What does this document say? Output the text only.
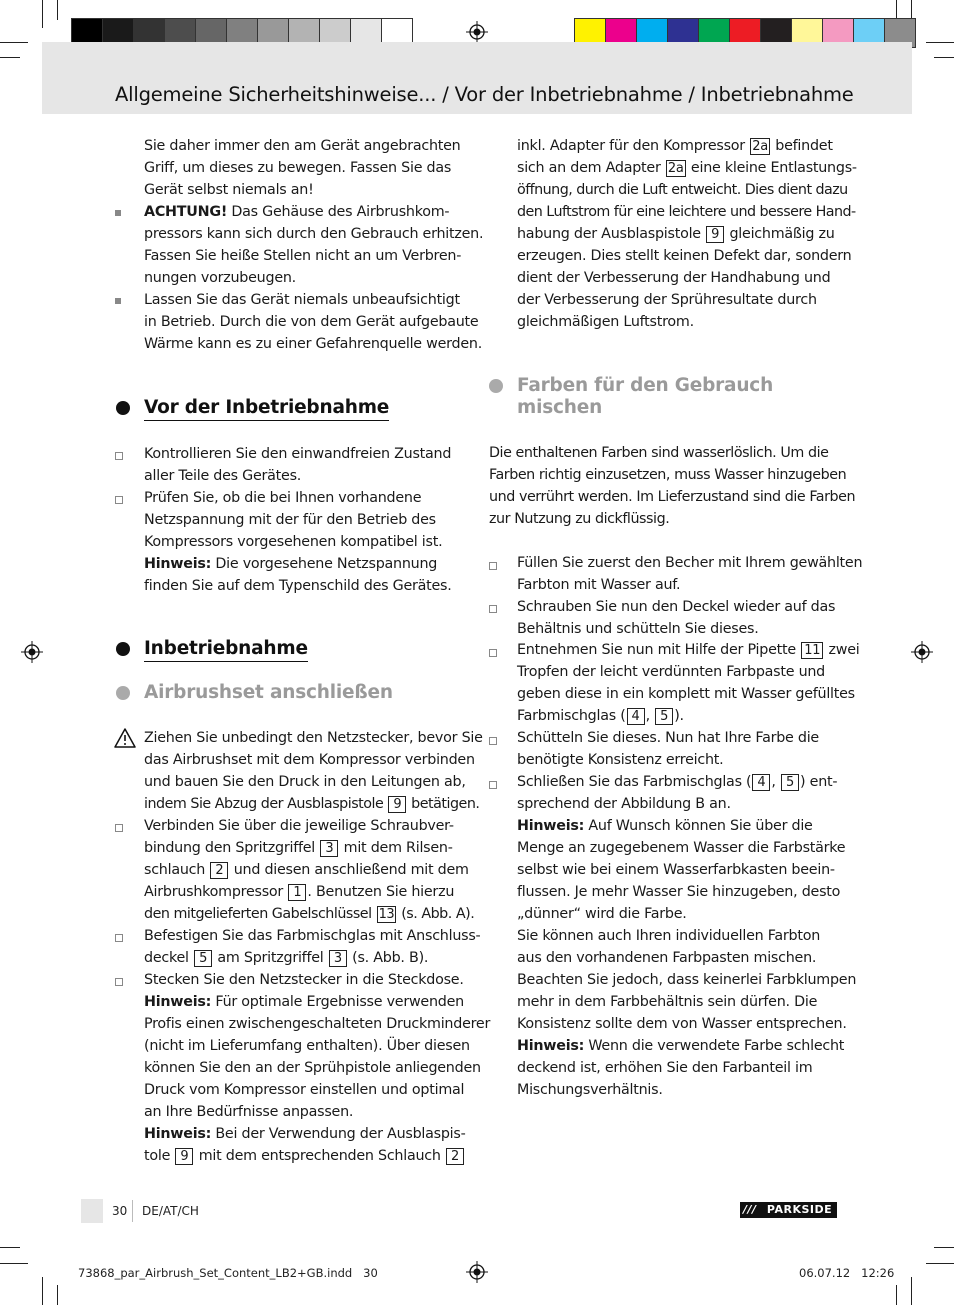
Allgemeine Sicherheitshinweise... / Vor der Inbetriebnahme / Inbetriebnahme
Sie daher immer den am Gerät angebrachten
Griff, um dieses zu bewegen. Fassen Sie das
Gerät selbst niemals an!
ACHTUNG! Das Gehäuse des Airbrushkom-
pressors kann sich durch den Gebrauch erhitzen.
Fassen Sie heiße Stellen nicht an um Verbren-
nungen vorzubeugen.
Lassen Sie das Gerät niemals unbeaufsichtigt
in Betrieb. Durch die von dem Gerät aufgebaute
Wärme kann es zu einer Gefahrenquelle werden.
Vor der Inbetriebnahme
Kontrollieren Sie den einwandfreien Zustand
aller Teile des Gerätes.
Prüfen Sie, ob die bei Ihnen vorhandene
Netzspannung mit der für den Betrieb des
Kompressors vorgesehenen kompatibel ist.
Hinweis: Die vorgesehene Netzspannung
finden Sie auf dem Typenschild des Gerätes.
Inbetriebnahme
Airbrushset anschließen
Ziehen Sie unbedingt den Netzstecker, bevor Sie
das Airbrushset mit dem Kompressor verbinden
und bauen Sie den Druck in den Leitungen ab,
indem Sie Abzug der Ausblaspistole 9 betätigen.
Verbinden Sie über die jeweilige Schraubver-
bindung den Spritzgriffel 3 mit dem Rilsen-
schlauch 2 und diesen anschließend mit dem
Airbrushkompressor 1 . Benutzen Sie hierzu
den mitgelieferten Gabelschlüssel 13 (s. Abb. A).
Befestigen Sie das Farbmischglas mit Anschluss-
deckel 5 am Spritzgriffel 3 (s. Abb. B).
Stecken Sie den Netzstecker in die Steckdose.
Hinweis: Für optimale Ergebnisse verwenden
Profis einen zwischengeschalteten Druckminderer
(nicht im Lieferumfang enthalten). Über diesen
können Sie den an der Sprühpistole anliegenden
Druck vom Kompressor einstellen und optimal
an Ihre Bedürfnisse anpassen.
Hinweis: Bei der Verwendung der Ausblaspis-
tole 9 mit dem entsprechenden Schlauch 2
inkl. Adapter für den Kompressor 2a befindet
sich an dem Adapter 2a eine kleine Entlastungs-
öffnung, durch die Luft entweicht. Dies dient dazu
den Luftstrom für eine leichtere und bessere Hand-
habung der Ausblaspistole 9 gleichmäßig zu
erzeugen. Dies stellt keinen Defekt dar, sondern
dient der Verbesserung der Handhabung und
der Verbesserung der Sprühresultate durch
gleichmäßigen Luftstrom.
Farben für den Gebrauch
mischen
Die enthaltenen Farben sind wasserlöslich. Um die
Farben richtig einzusetzen, muss Wasser hinzugeben
und verrührt werden. Im Lieferzustand sind die Farben
zur Nutzung zu dickflüssig.
Füllen Sie zuerst den Becher mit Ihrem gewählten
Farbton mit Wasser auf.
Schrauben Sie nun den Deckel wieder auf das
Behältnis und schütteln Sie dieses.
Entnehmen Sie nun mit Hilfe der Pipette 11 zwei
Tropfen der leicht verdünnten Farbpaste und
geben diese in ein komplett mit Wasser gefülltes
Farbmischglas ( 4 , 5 ).
Schütteln Sie dieses. Nun hat Ihre Farbe die
benötigte Konsistenz erreicht.
Schließen Sie das Farbmischglas ( 4 , 5 ) ent-
sprechend der Abbildung B an.
Hinweis: Auf Wunsch können Sie über die
Menge an zugegebenem Wasser die Farbstärke
selbst wie bei einem Wasserfarbkasten beein-
flussen. Je mehr Wasser Sie hinzugeben, desto
„dünner“ wird die Farbe.
Sie können auch Ihren individuellen Farbton
aus den vorhandenen Farbpasten mischen.
Beachten Sie jedoch, dass keinerlei Farbklumpen
mehr in dem Farbbehältnis sein dürfen. Die
Konsistenz sollte dem von Wasser entsprechen.
Hinweis: Wenn die verwendete Farbe schlecht
deckend ist, erhöhen Sie den Farbanteil im
Mischungsverhältnis.
30 DE/AT/CH	/// PARKSIDE
73868_par_Airbrush_Set_Content_LB2+GB.indd   30	06.07.12   12:26
